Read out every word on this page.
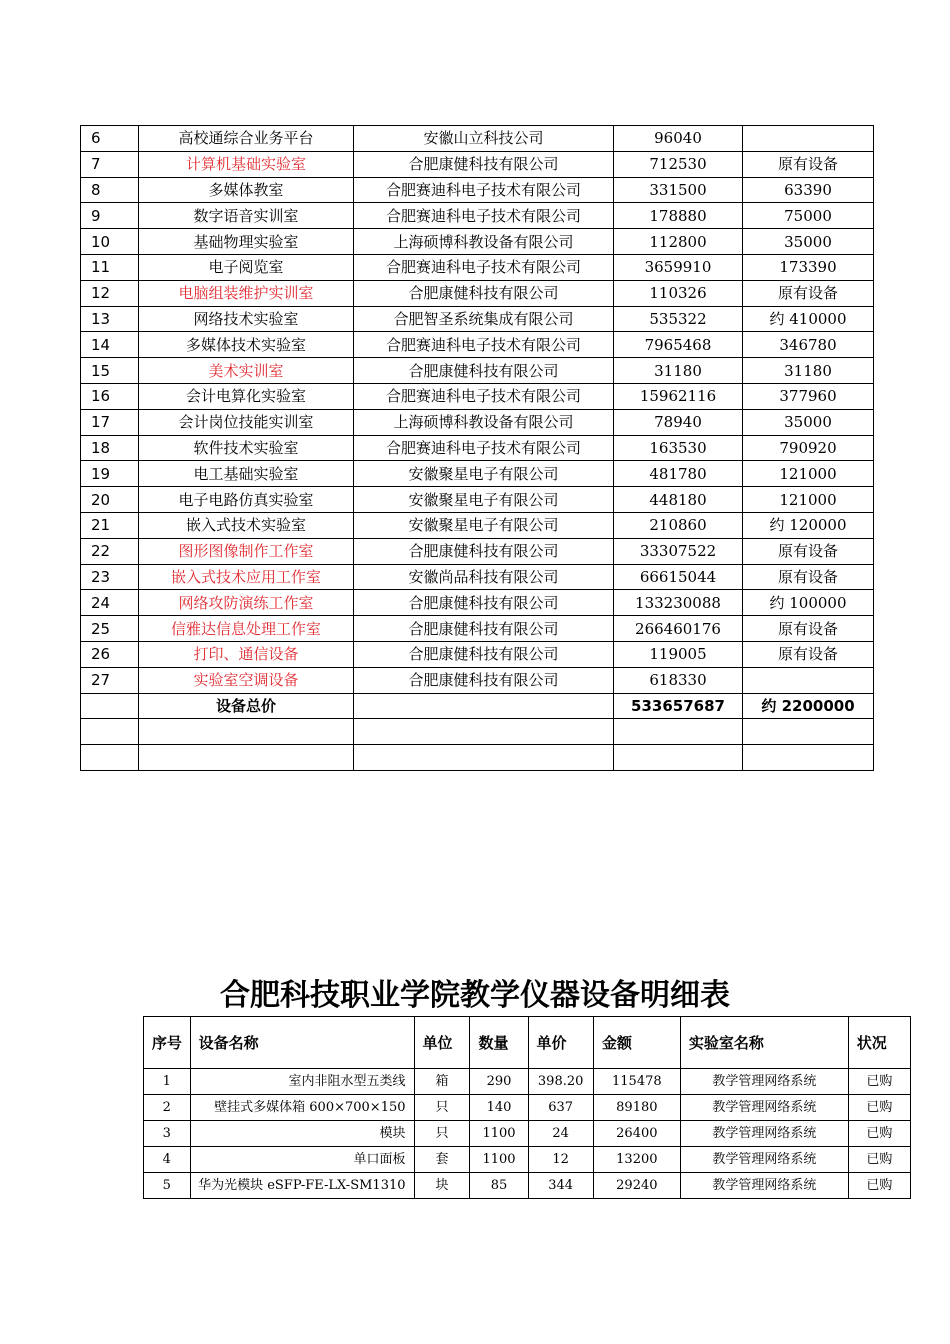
6	高校通综合业务平台	安徽山立科技公司	96040	
7	计算机基础实验室	合肥康健科技有限公司	712530	原有设备
8	多媒体教室	合肥赛迪科电子技术有限公司	331500	63390
9	数字语音实训室	合肥赛迪科电子技术有限公司	178880	75000
10	基础物理实验室	上海硕博科教设备有限公司	112800	35000
11	电子阅览室	合肥赛迪科电子技术有限公司	3659910	173390
12	电脑组装维护实训室	合肥康健科技有限公司	110326	原有设备
13	网络技术实验室	合肥智圣系统集成有限公司	535322	约 410000
14	多媒体技术实验室	合肥赛迪科电子技术有限公司	7965468	346780
15	美术实训室	合肥康健科技有限公司	31180	31180
16	会计电算化实验室	合肥赛迪科电子技术有限公司	15962116	377960
17	会计岗位技能实训室	上海硕博科教设备有限公司	78940	35000
18	软件技术实验室	合肥赛迪科电子技术有限公司	163530	790920
19	电工基础实验室	安徽聚星电子有限公司	481780	121000
20	电子电路仿真实验室	安徽聚星电子有限公司	448180	121000
21	嵌入式技术实验室	安徽聚星电子有限公司	210860	约 120000
22	图形图像制作工作室	合肥康健科技有限公司	33307522	原有设备
23	嵌入式技术应用工作室	安徽尚品科技有限公司	66615044	原有设备
24	网络攻防演练工作室	合肥康健科技有限公司	133230088	约 100000
25	信雅达信息处理工作室	合肥康健科技有限公司	266460176	原有设备
26	打印、通信设备	合肥康健科技有限公司	119005	原有设备
27	实验室空调设备	合肥康健科技有限公司	618330	
	设备总价		533657687	约 2200000

合肥科技职业学院教学仪器设备明细表
序号	设备名称	单位	数量	单价	金额	实验室名称	状况
1	室内非阻水型五类线	箱	290	398.20	115478	教学管理网络系统	已购
2	壁挂式多媒体箱 600×700×150	只	140	637	89180	教学管理网络系统	已购
3	模块	只	1100	24	26400	教学管理网络系统	已购
4	单口面板	套	1100	12	13200	教学管理网络系统	已购
5	华为光模块 eSFP-FE-LX-SM1310	块	85	344	29240	教学管理网络系统	已购
